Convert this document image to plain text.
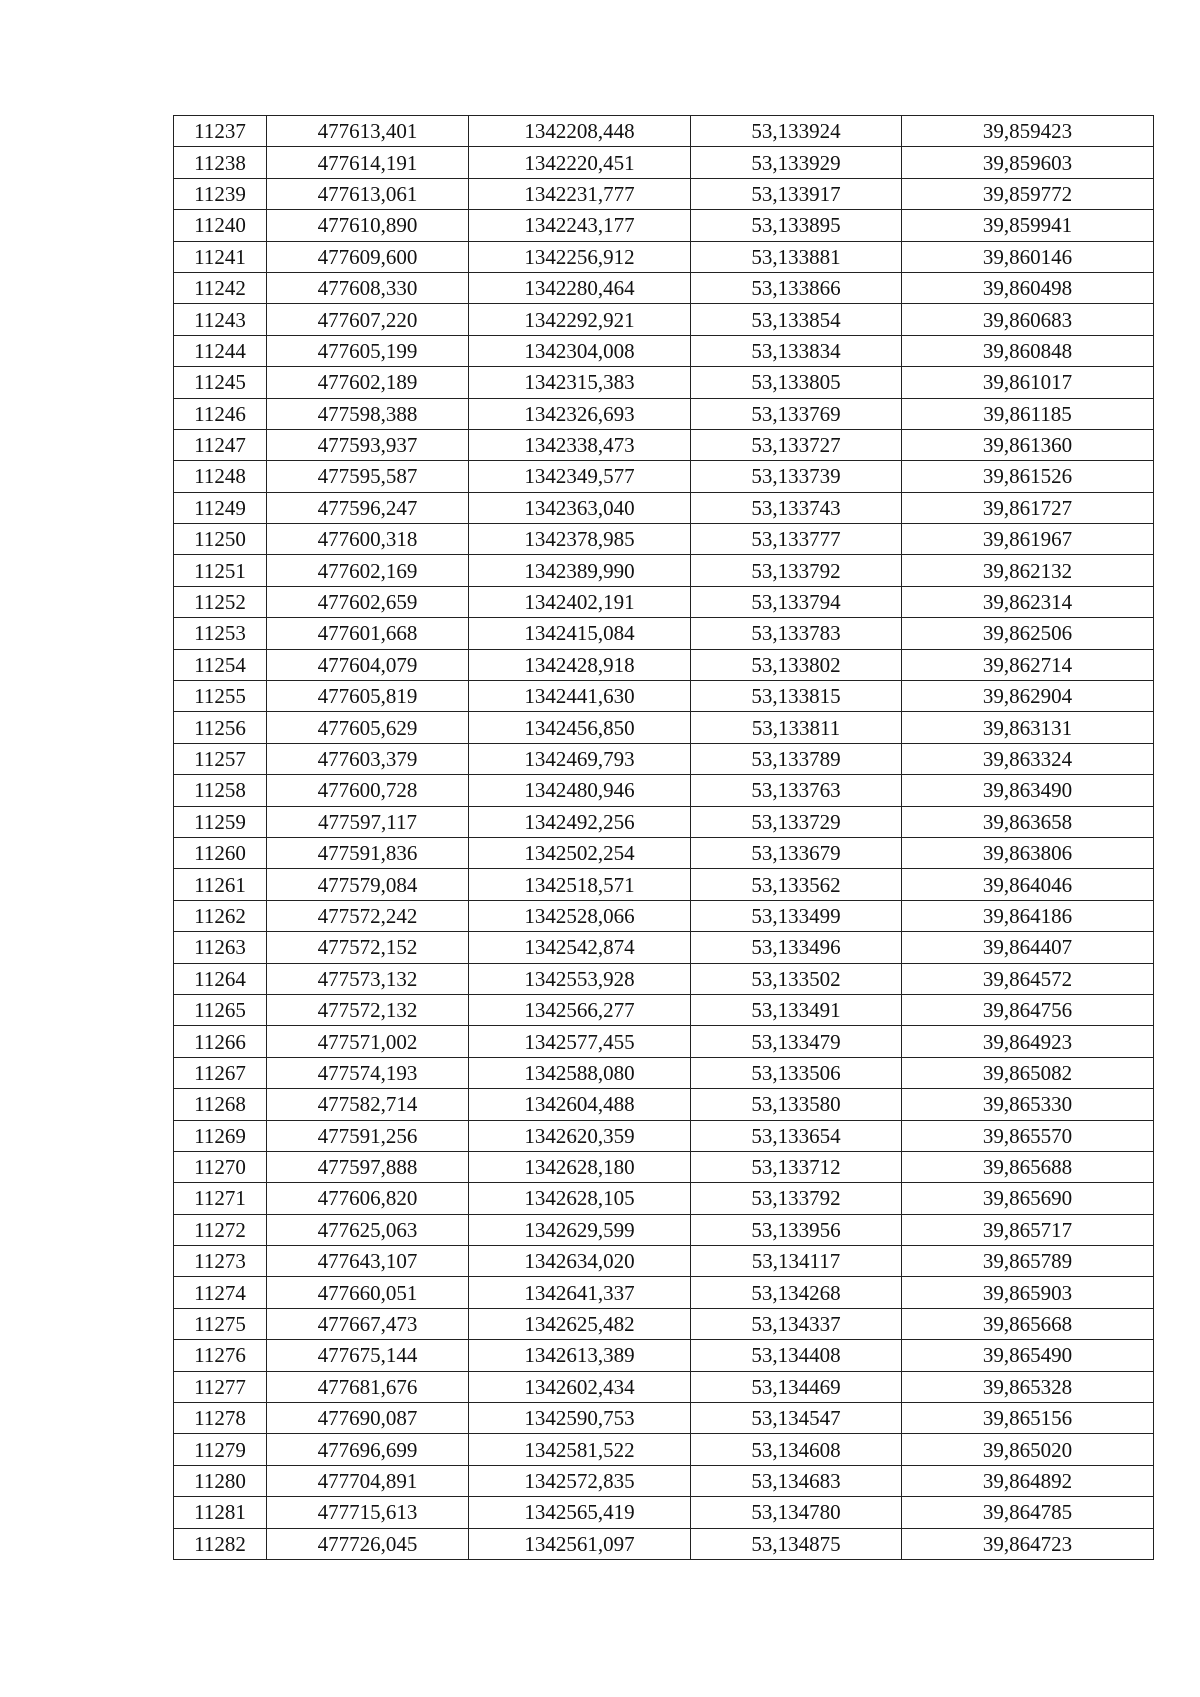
11237	477613,401	1342208,448	53,133924	39,859423
11238	477614,191	1342220,451	53,133929	39,859603
11239	477613,061	1342231,777	53,133917	39,859772
11240	477610,890	1342243,177	53,133895	39,859941
11241	477609,600	1342256,912	53,133881	39,860146
11242	477608,330	1342280,464	53,133866	39,860498
11243	477607,220	1342292,921	53,133854	39,860683
11244	477605,199	1342304,008	53,133834	39,860848
11245	477602,189	1342315,383	53,133805	39,861017
11246	477598,388	1342326,693	53,133769	39,861185
11247	477593,937	1342338,473	53,133727	39,861360
11248	477595,587	1342349,577	53,133739	39,861526
11249	477596,247	1342363,040	53,133743	39,861727
11250	477600,318	1342378,985	53,133777	39,861967
11251	477602,169	1342389,990	53,133792	39,862132
11252	477602,659	1342402,191	53,133794	39,862314
11253	477601,668	1342415,084	53,133783	39,862506
11254	477604,079	1342428,918	53,133802	39,862714
11255	477605,819	1342441,630	53,133815	39,862904
11256	477605,629	1342456,850	53,133811	39,863131
11257	477603,379	1342469,793	53,133789	39,863324
11258	477600,728	1342480,946	53,133763	39,863490
11259	477597,117	1342492,256	53,133729	39,863658
11260	477591,836	1342502,254	53,133679	39,863806
11261	477579,084	1342518,571	53,133562	39,864046
11262	477572,242	1342528,066	53,133499	39,864186
11263	477572,152	1342542,874	53,133496	39,864407
11264	477573,132	1342553,928	53,133502	39,864572
11265	477572,132	1342566,277	53,133491	39,864756
11266	477571,002	1342577,455	53,133479	39,864923
11267	477574,193	1342588,080	53,133506	39,865082
11268	477582,714	1342604,488	53,133580	39,865330
11269	477591,256	1342620,359	53,133654	39,865570
11270	477597,888	1342628,180	53,133712	39,865688
11271	477606,820	1342628,105	53,133792	39,865690
11272	477625,063	1342629,599	53,133956	39,865717
11273	477643,107	1342634,020	53,134117	39,865789
11274	477660,051	1342641,337	53,134268	39,865903
11275	477667,473	1342625,482	53,134337	39,865668
11276	477675,144	1342613,389	53,134408	39,865490
11277	477681,676	1342602,434	53,134469	39,865328
11278	477690,087	1342590,753	53,134547	39,865156
11279	477696,699	1342581,522	53,134608	39,865020
11280	477704,891	1342572,835	53,134683	39,864892
11281	477715,613	1342565,419	53,134780	39,864785
11282	477726,045	1342561,097	53,134875	39,864723
